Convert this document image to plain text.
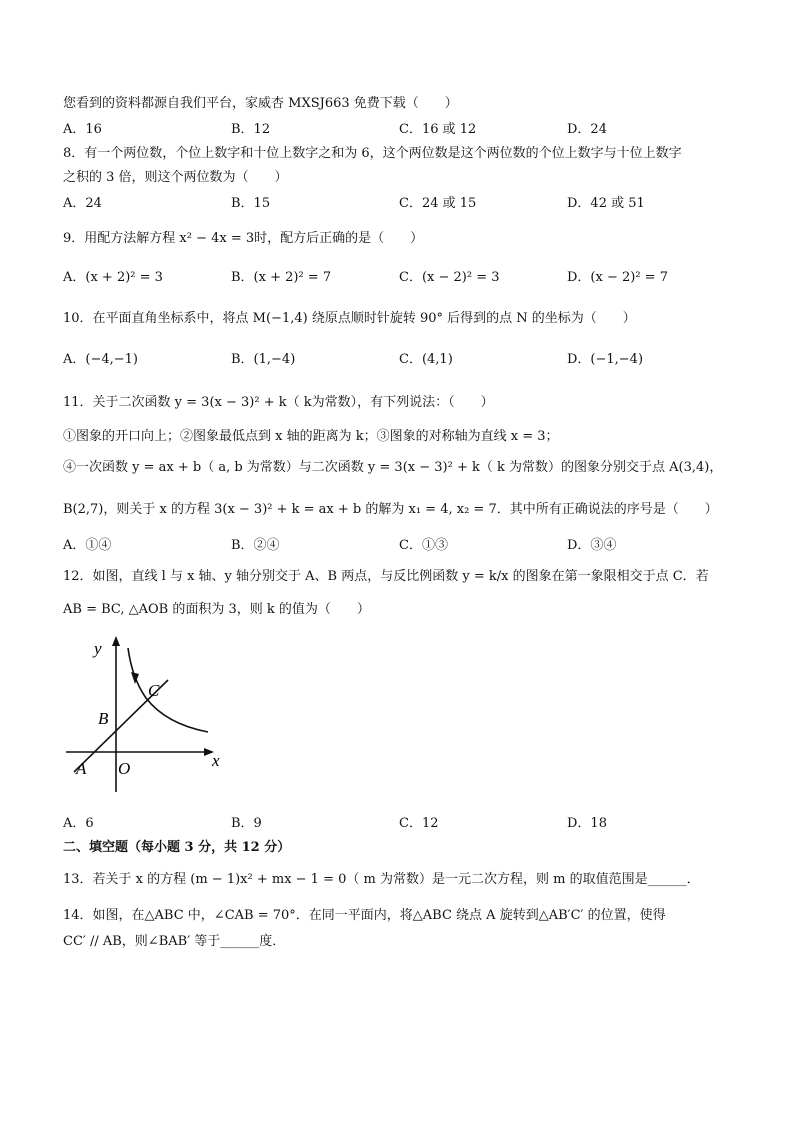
您看到的资料都源自我们平台，家威杏 MXSJ663 免费下载（　　）
A．16	B．12	C．16 或 12	D．24
8．有一个两位数，个位上数字和十位上数字之和为 6，这个两位数是这个两位数的个位上数字与十位上数字
之积的 3 倍，则这个两位数为（　　）
A．24	B．15	C．24 或 15	D．42 或 51
9．用配方法解方程 x² − 4x = 3时，配方后正确的是（　　）
A．(x + 2)² = 3	B．(x + 2)² = 7	C．(x − 2)² = 3	D．(x − 2)² = 7
10．在平面直角坐标系中，将点 M(−1,4) 绕原点顺时针旋转 90° 后得到的点 N 的坐标为（　　）
A．(−4,−1)	B．(1,−4)	C．(4,1)	D．(−1,−4)
11．关于二次函数 y = 3(x − 3)² + k（ k为常数），有下列说法：（　　）
①图象的开口向上；②图象最低点到 x 轴的距离为 k；③图象的对称轴为直线 x = 3；
④一次函数 y = ax + b（ a, b 为常数）与二次函数 y = 3(x − 3)² + k（ k 为常数）的图象分别交于点 A(3,4)，
B(2,7)，则关于 x 的方程 3(x − 3)² + k = ax + b 的解为 x₁ = 4, x₂ = 7．其中所有正确说法的序号是（　　）
A．①④	B．②④	C．①③	D．③④
12．如图，直线 l 与 x 轴、y 轴分别交于 A、B 两点，与反比例函数 y = k/x 的图象在第一象限相交于点 C．若
AB = BC, △AOB 的面积为 3，则 k 的值为（　　）
y
x
A O
B
C
A．6	B．9	C．12	D．18
二、填空题（每小题 3 分，共 12 分）
13．若关于 x 的方程 (m − 1)x² + mx − 1 = 0（ m 为常数）是一元二次方程，则 m 的取值范围是______．
14．如图，在△ABC 中，∠CAB = 70°．在同一平面内，将△ABC 绕点 A 旋转到△AB′C′ 的位置，使得
CC′ // AB，则∠BAB′ 等于______度．
